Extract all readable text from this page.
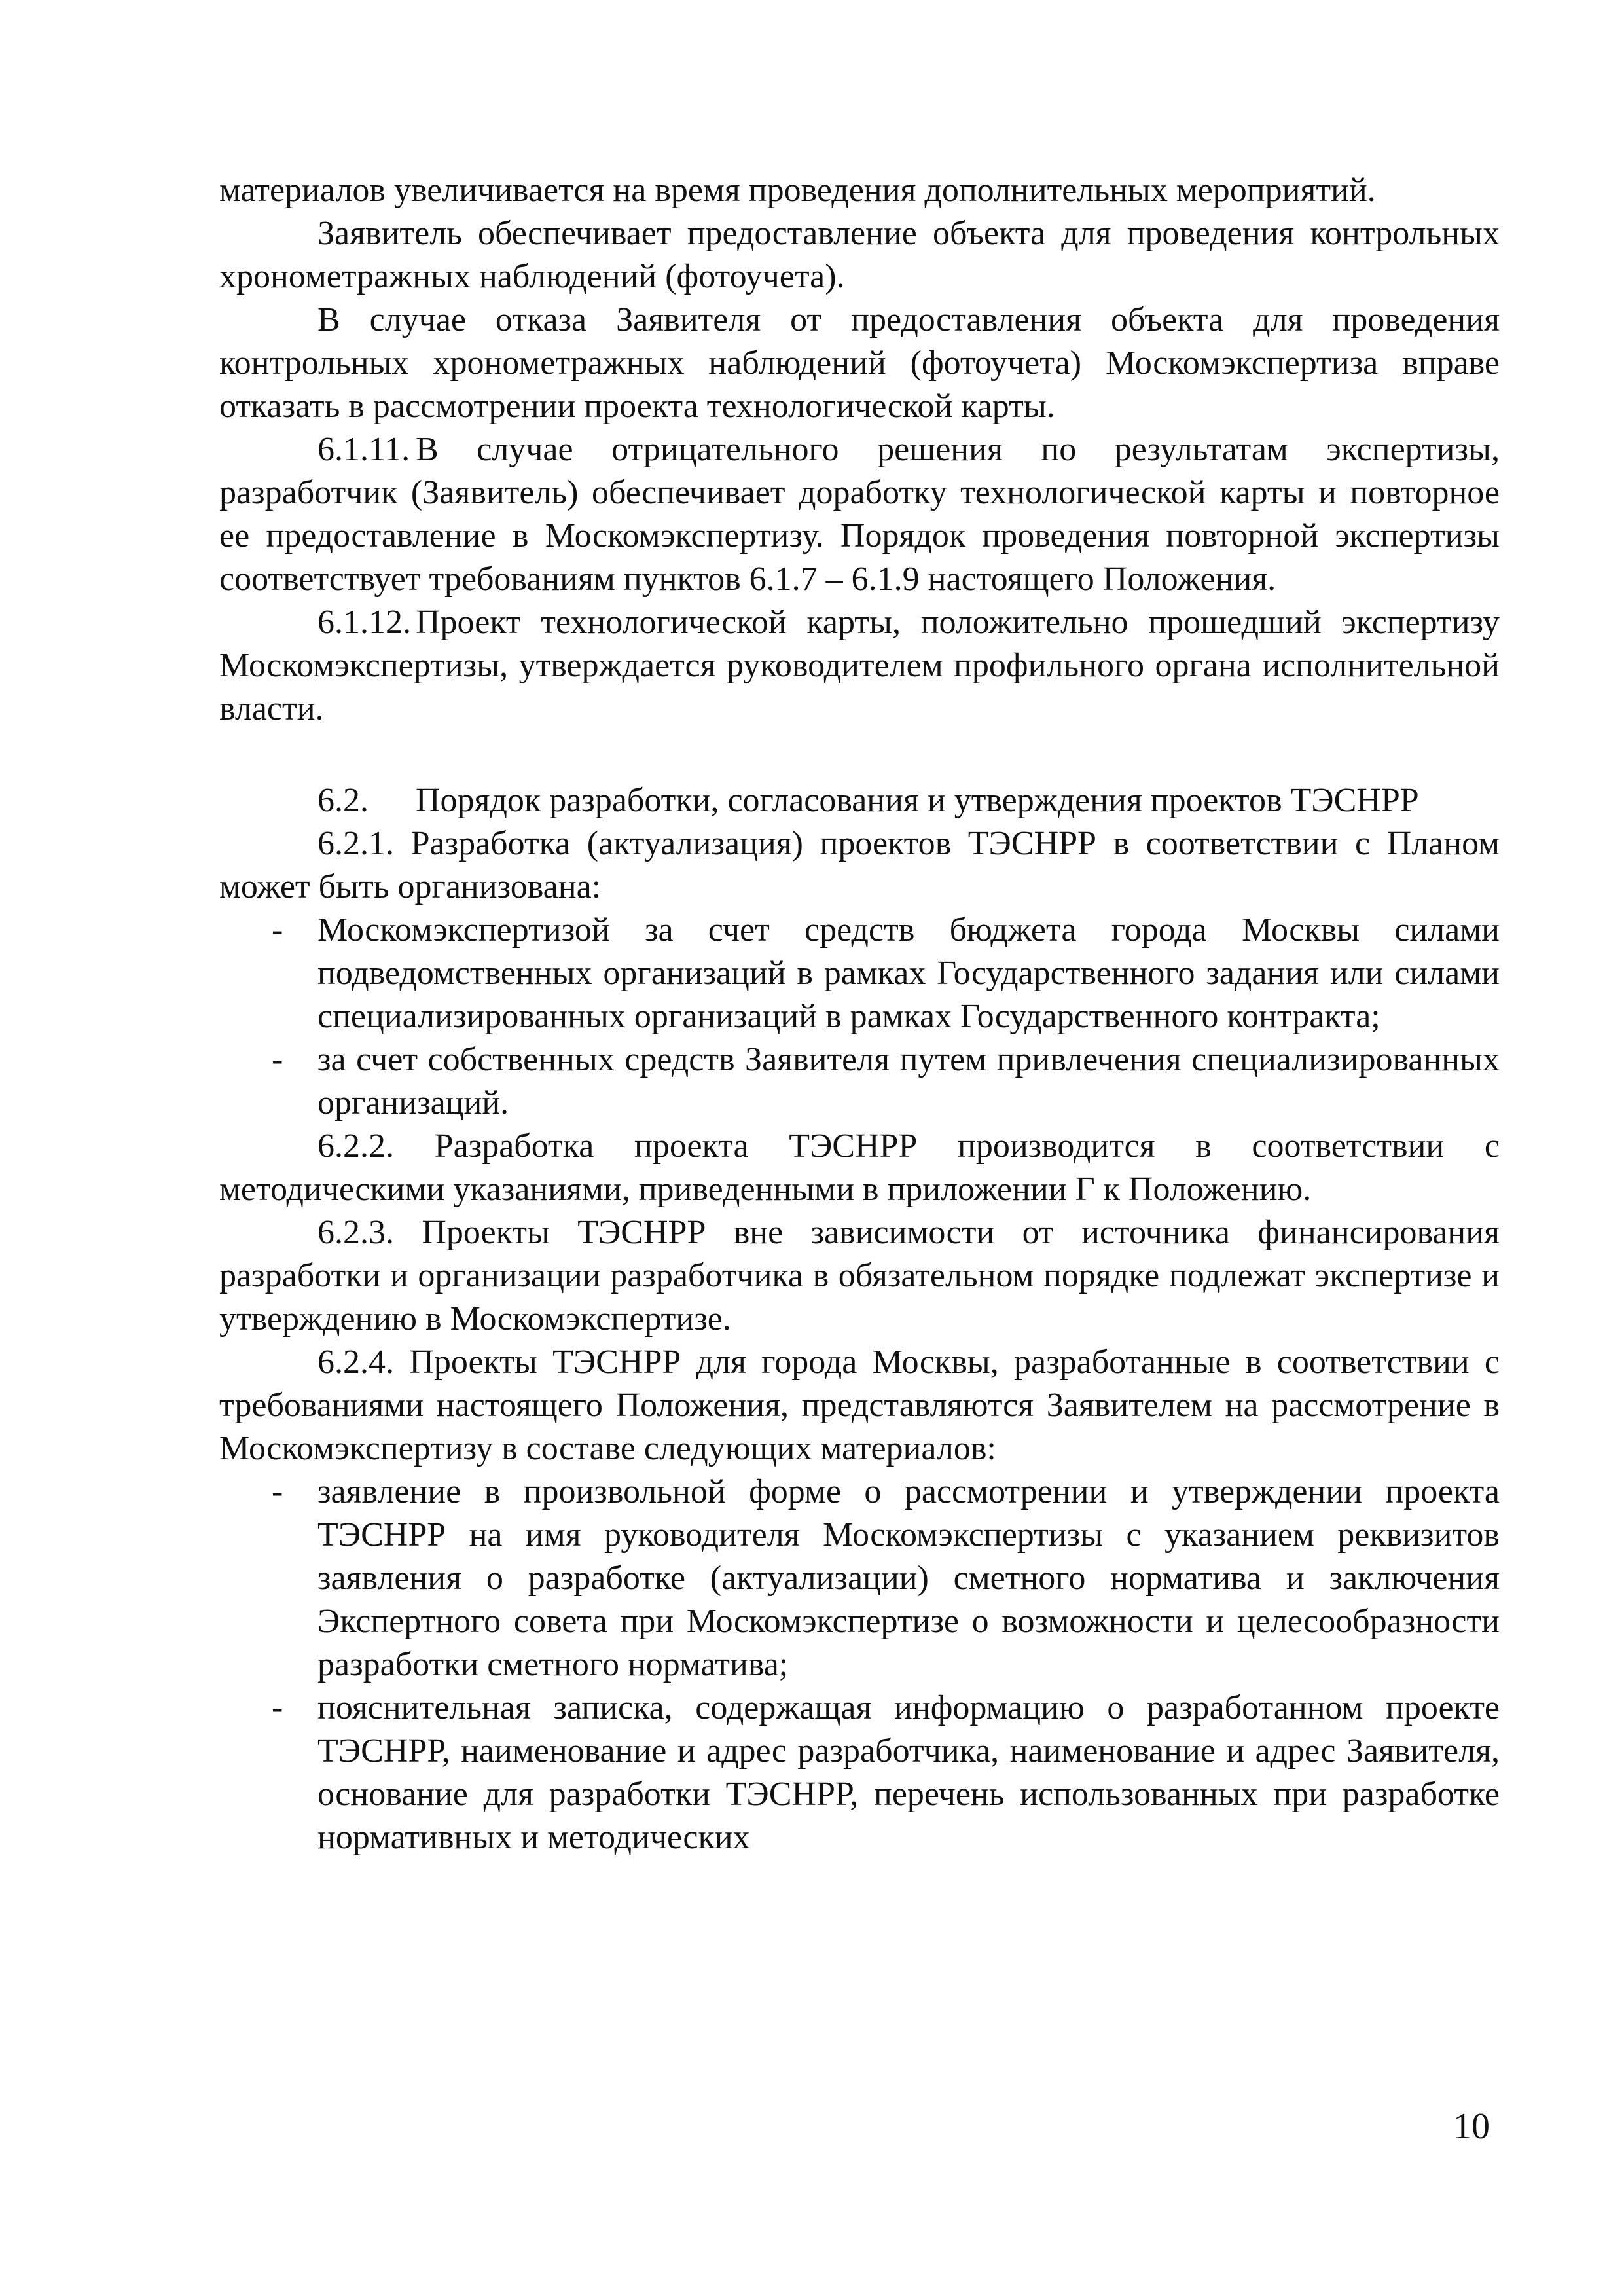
материалов увеличивается на время проведения дополнительных мероприятий.

Заявитель обеспечивает предоставление объекта для проведения контрольных хронометражных наблюдений (фотоучета).

В случае отказа Заявителя от предоставления объекта для проведения контрольных хронометражных наблюдений (фотоучета) Москомэкспертиза вправе отказать в рассмотрении проекта технологической карты.

6.1.11. В случае отрицательного решения по результатам экспертизы, разработчик (Заявитель) обеспечивает доработку технологической карты и повторное ее предоставление в Москомэкспертизу. Порядок проведения повторной экспертизы соответствует требованиям пунктов 6.1.7 – 6.1.9 настоящего Положения.

6.1.12. Проект технологической карты, положительно прошедший экспертизу Москомэкспертизы, утверждается руководителем профильного органа исполнительной власти.

6.2. Порядок разработки, согласования и утверждения проектов ТЭСНРР

6.2.1. Разработка (актуализация) проектов ТЭСНРР в соответствии с Планом может быть организована:

- Москомэкспертизой за счет средств бюджета города Москвы силами подведомственных организаций в рамках Государственного задания или силами специализированных организаций в рамках Государственного контракта;
- за счет собственных средств Заявителя путем привлечения специализированных организаций.

6.2.2. Разработка проекта ТЭСНРР производится в соответствии с методическими указаниями, приведенными в приложении Г к Положению.

6.2.3. Проекты ТЭСНРР вне зависимости от источника финансирования разработки и организации разработчика в обязательном порядке подлежат экспертизе и утверждению в Москомэкспертизе.

6.2.4. Проекты ТЭСНРР для города Москвы, разработанные в соответствии с требованиями настоящего Положения, представляются Заявителем на рассмотрение в Москомэкспертизу в составе следующих материалов:

- заявление в произвольной форме о рассмотрении и утверждении проекта ТЭСНРР на имя руководителя Москомэкспертизы с указанием реквизитов заявления о разработке (актуализации) сметного норматива и заключения Экспертного совета при Москомэкспертизе о возможности и целесообразности разработки сметного норматива;
- пояснительная записка, содержащая информацию о разработанном проекте ТЭСНРР, наименование и адрес разработчика, наименование и адрес Заявителя, основание для разработки ТЭСНРР, перечень использованных при разработке нормативных и методических
10
